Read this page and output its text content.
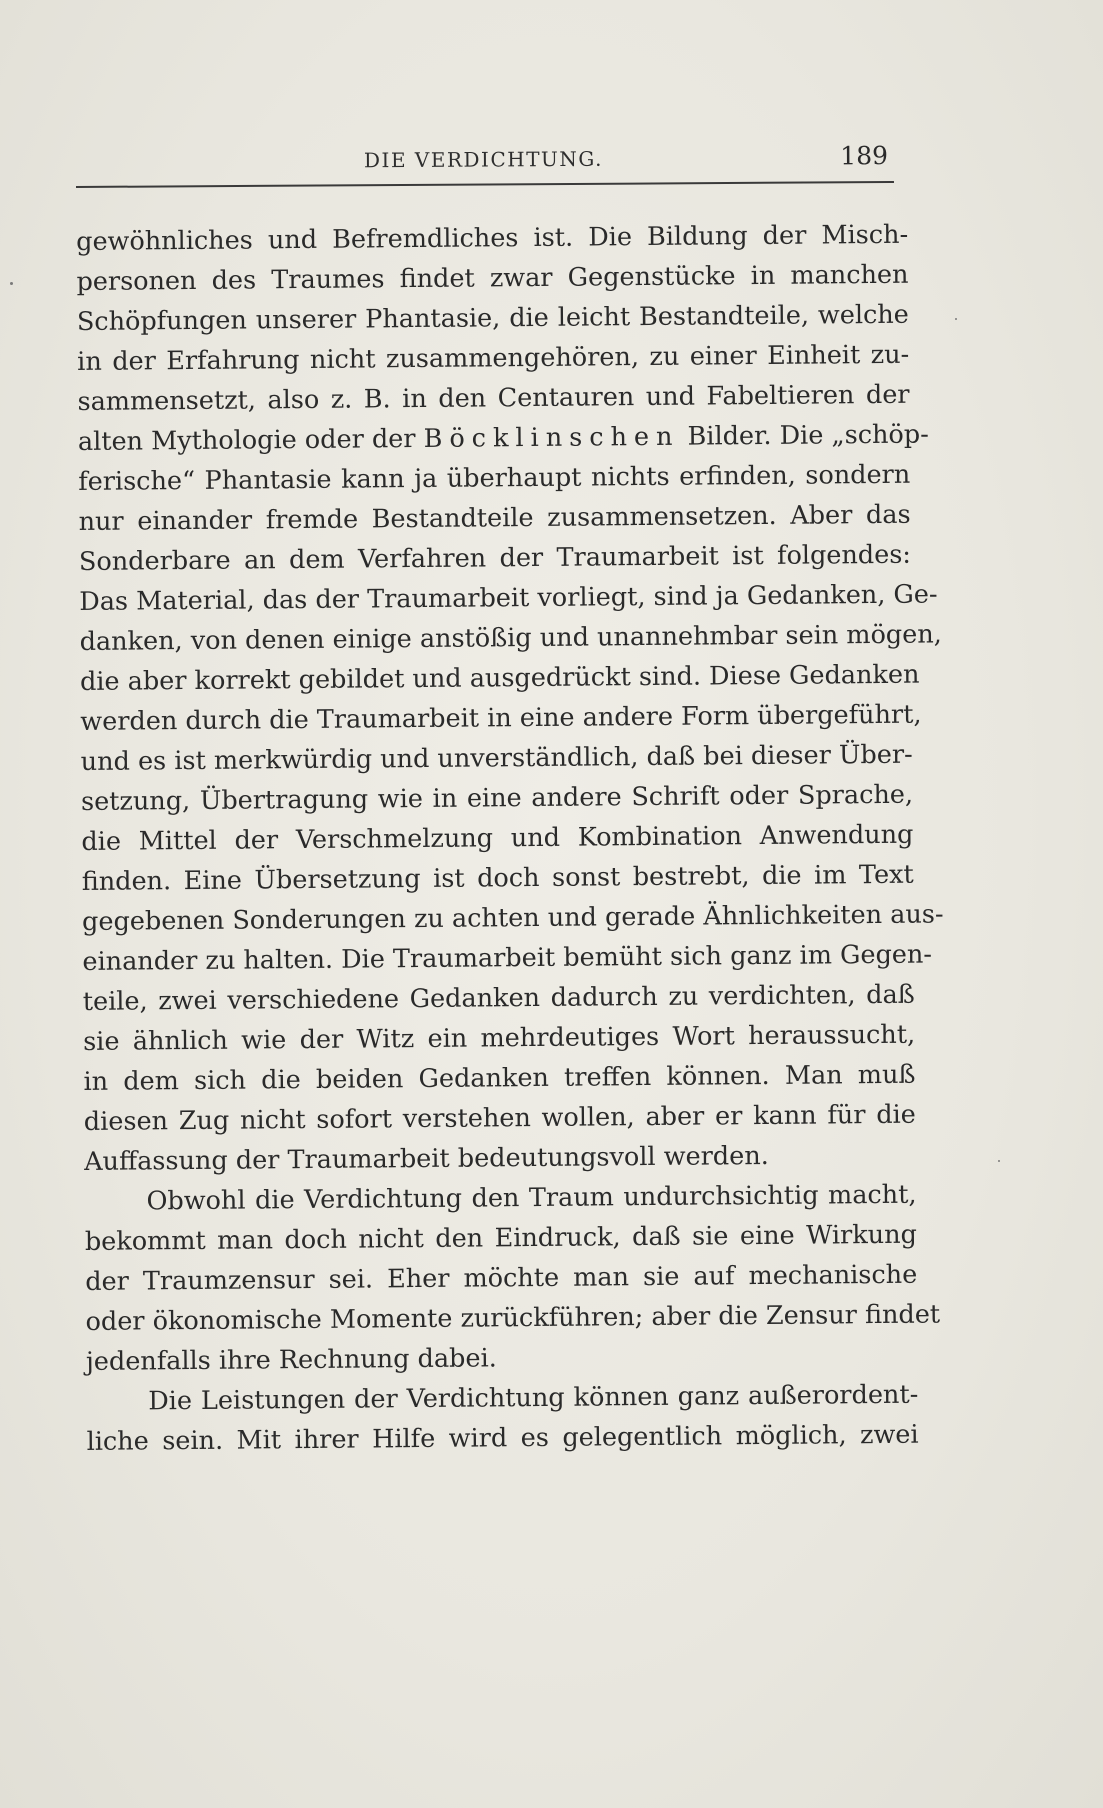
DIE VERDICHTUNG.	189
gewöhnliches und Befremdliches ist. Die Bildung der Misch-
personen des Traumes findet zwar Gegenstücke in manchen
Schöpfungen unserer Phantasie, die leicht Bestandteile, welche
in der Erfahrung nicht zusammengehören, zu einer Einheit zu-
sammensetzt, also z. B. in den Centauren und Fabeltieren der
alten Mythologie oder der Böcklinschen Bilder. Die „schöp-
ferische“ Phantasie kann ja überhaupt nichts erfinden, sondern
nur einander fremde Bestandteile zusammensetzen. Aber das
Sonderbare an dem Verfahren der Traumarbeit ist folgendes:
Das Material, das der Traumarbeit vorliegt, sind ja Gedanken, Ge-
danken, von denen einige anstößig und unannehmbar sein mögen,
die aber korrekt gebildet und ausgedrückt sind. Diese Gedanken
werden durch die Traumarbeit in eine andere Form übergeführt,
und es ist merkwürdig und unverständlich, daß bei dieser Über-
setzung, Übertragung wie in eine andere Schrift oder Sprache,
die Mittel der Verschmelzung und Kombination Anwendung
finden. Eine Übersetzung ist doch sonst bestrebt, die im Text
gegebenen Sonderungen zu achten und gerade Ähnlichkeiten aus-
einander zu halten. Die Traumarbeit bemüht sich ganz im Gegen-
teile, zwei verschiedene Gedanken dadurch zu verdichten, daß
sie ähnlich wie der Witz ein mehrdeutiges Wort heraussucht,
in dem sich die beiden Gedanken treffen können. Man muß
diesen Zug nicht sofort verstehen wollen, aber er kann für die
Auffassung der Traumarbeit bedeutungsvoll werden.
Obwohl die Verdichtung den Traum undurchsichtig macht,
bekommt man doch nicht den Eindruck, daß sie eine Wirkung
der Traumzensur sei. Eher möchte man sie auf mechanische
oder ökonomische Momente zurückführen; aber die Zensur findet
jedenfalls ihre Rechnung dabei.
Die Leistungen der Verdichtung können ganz außerordent-
liche sein. Mit ihrer Hilfe wird es gelegentlich möglich, zwei
